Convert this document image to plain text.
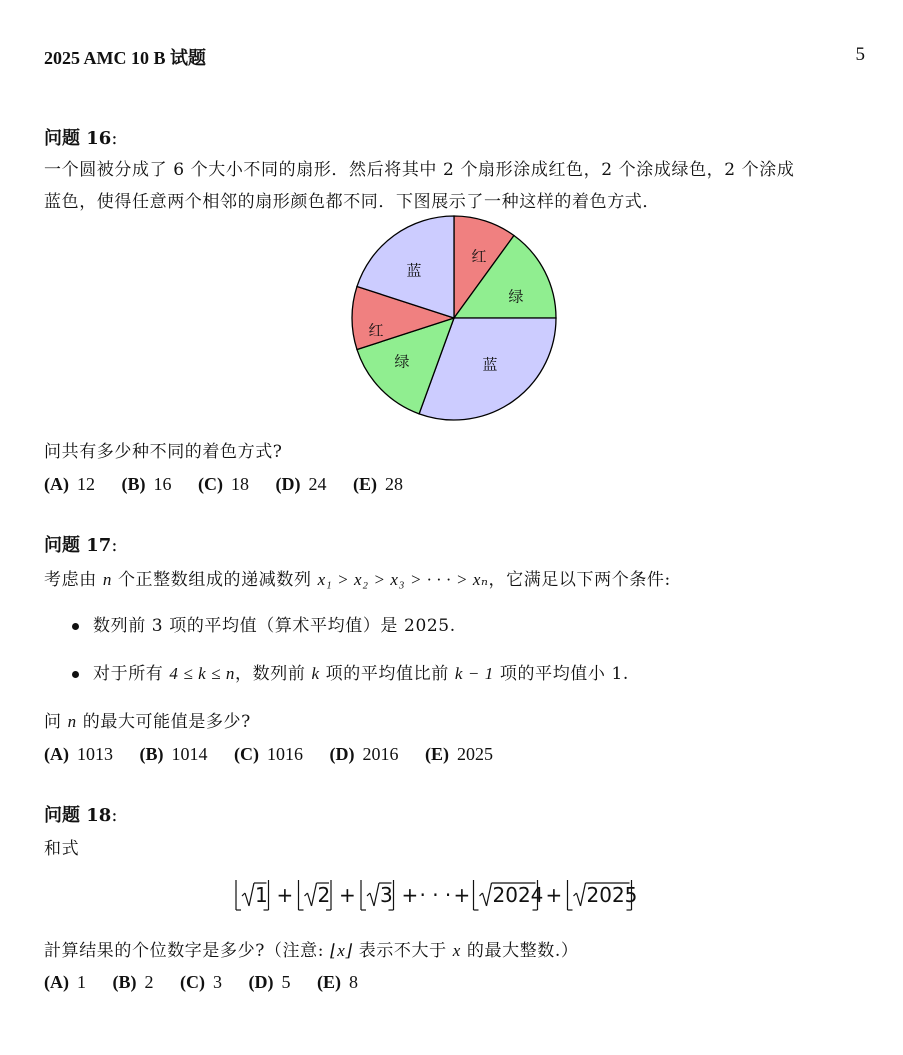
2025 AMC 10 B 试题	5
问题 16:
一个圆被分成了 6 个大小不同的扇形．然后将其中 2 个扇形涂成红色，2 个涂成绿色，2 个涂成
蓝色，使得任意两个相邻的扇形颜色都不同．下图展示了一种这样的着色方式．
红
绿
蓝
绿
红
蓝
问共有多少种不同的着色方式?
(A) 12 (B) 16 (C) 18 (D) 24 (E) 28
问题 17:
考虑由 n 个正整数组成的递减数列 x₁ > x₂ > x₃ > · · · > xₙ，它满足以下两个条件:
数列前 3 项的平均值（算术平均值）是 2025.
对于所有 4 ≤ k ≤ n，数列前 k 项的平均值比前 k − 1 项的平均值小 1.
问 n 的最大可能值是多少?
(A) 1013 (B) 1014 (C) 1016 (D) 2016 (E) 2025
问题 18:
和式
1 + 2 + 3 + · · · + 2024 + 2025
計算结果的个位数字是多少?（注意: ⌊x⌋ 表示不大于 x 的最大整数.）
(A) 1 (B) 2 (C) 3 (D) 5 (E) 8
